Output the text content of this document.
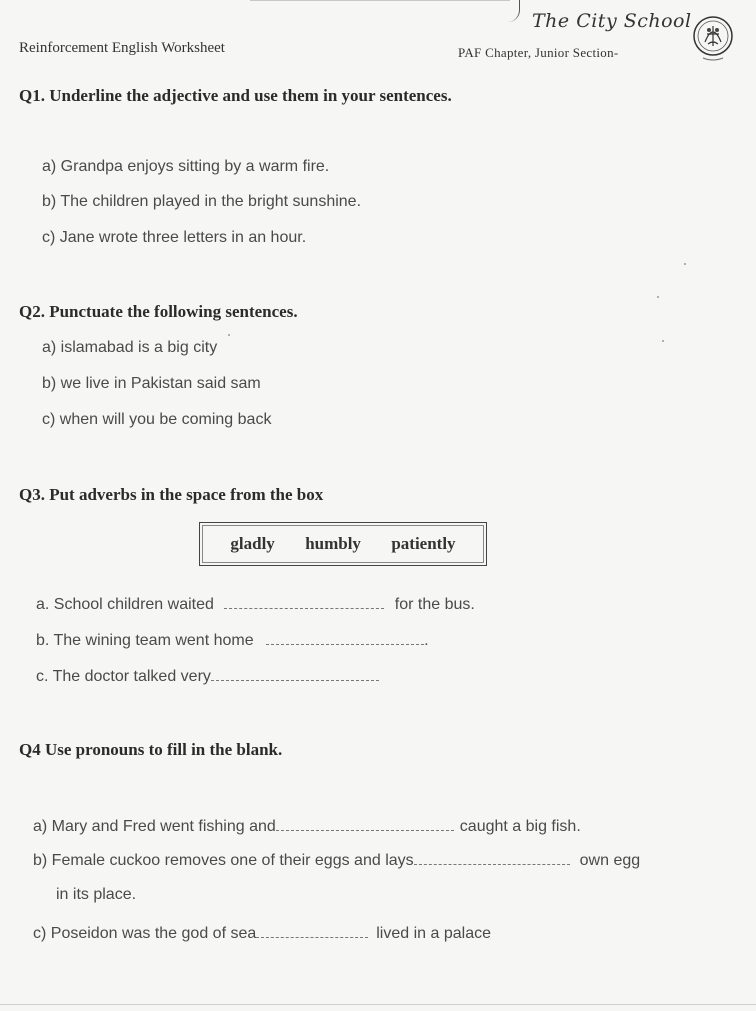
The City School
Reinforcement English Worksheet	PAF Chapter, Junior Section-
Q1. Underline the adjective and use them in your sentences.
a) Grandpa enjoys sitting by a warm fire.
b) The children played in the bright sunshine.
c) Jane wrote three letters in an hour.
Q2. Punctuate the following sentences.
a) islamabad is a big city
b) we live in Pakistan said sam
c) when will you be coming back
Q3. Put adverbs in the space from the box
gladly humbly patiently
a. School children waited	for the bus.
b. The wining team went home	.
c. The doctor talked very
Q4 Use pronouns to fill in the blank.
a) Mary and Fred went fishing and	caught a big fish.
b) Female cuckoo removes one of their eggs and lays	own egg
in its place.
c) Poseidon was the god of sea	lived in a palace
